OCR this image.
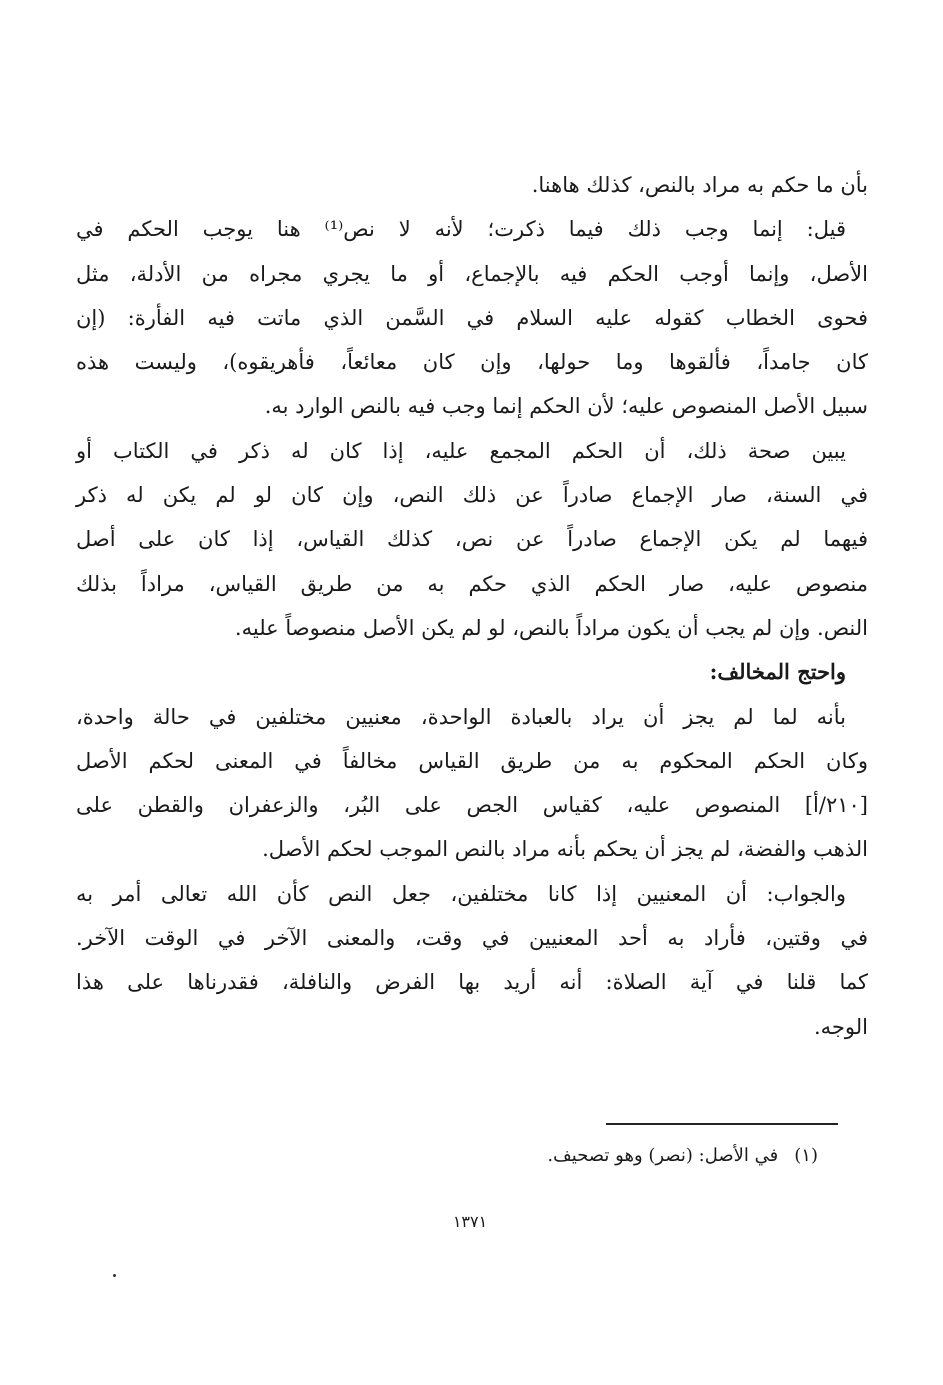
بأن ما حكم به مراد بالنص، كذلك هاهنا.
قيل: إنما وجب ذلك فيما ذكرت؛ لأنه لا نص⁽¹⁾ هنا يوجب الحكم في
الأصل، وإنما أوجب الحكم فيه بالإجماع، أو ما يجري مجراه من الأدلة، مثل
فحوى الخطاب كقوله عليه السلام في السَّمن الذي ماتت فيه الفأرة: (إن
كان جامداً، فألقوها وما حولها، وإن كان معائعاً، فأهريقوه)، وليست هذه
سبيل الأصل المنصوص عليه؛ لأن الحكم إنما وجب فيه بالنص الوارد به.
يبين صحة ذلك، أن الحكم المجمع عليه، إذا كان له ذكر في الكتاب أو
في السنة، صار الإجماع صادراً عن ذلك النص، وإن كان لو لم يكن له ذكر
فيهما لم يكن الإجماع صادراً عن نص، كذلك القياس، إذا كان على أصل
منصوص عليه، صار الحكم الذي حكم به من طريق القياس، مراداً بذلك
النص. وإن لم يجب أن يكون مراداً بالنص، لو لم يكن الأصل منصوصاً عليه.
واحتج المخالف:
بأنه لما لم يجز أن يراد بالعبادة الواحدة، معنيين مختلفين في حالة واحدة،
وكان الحكم المحكوم به من طريق القياس مخالفاً في المعنى لحكم الأصل
[٢١٠/أ] المنصوص عليه، كقياس الجص على البُر، والزعفران والقطن على
الذهب والفضة، لم يجز أن يحكم بأنه مراد بالنص الموجب لحكم الأصل.
والجواب: أن المعنيين إذا كانا مختلفين، جعل النص كأن الله تعالى أمر به
في وقتين، فأراد به أحد المعنيين في وقت، والمعنى الآخر في الوقت الآخر.
كما قلنا في آية الصلاة: أنه أريد بها الفرض والنافلة، فقدرناها على هذا
الوجه.
(١)في الأصل: (نصر) وهو تصحيف.
١٣٧١
